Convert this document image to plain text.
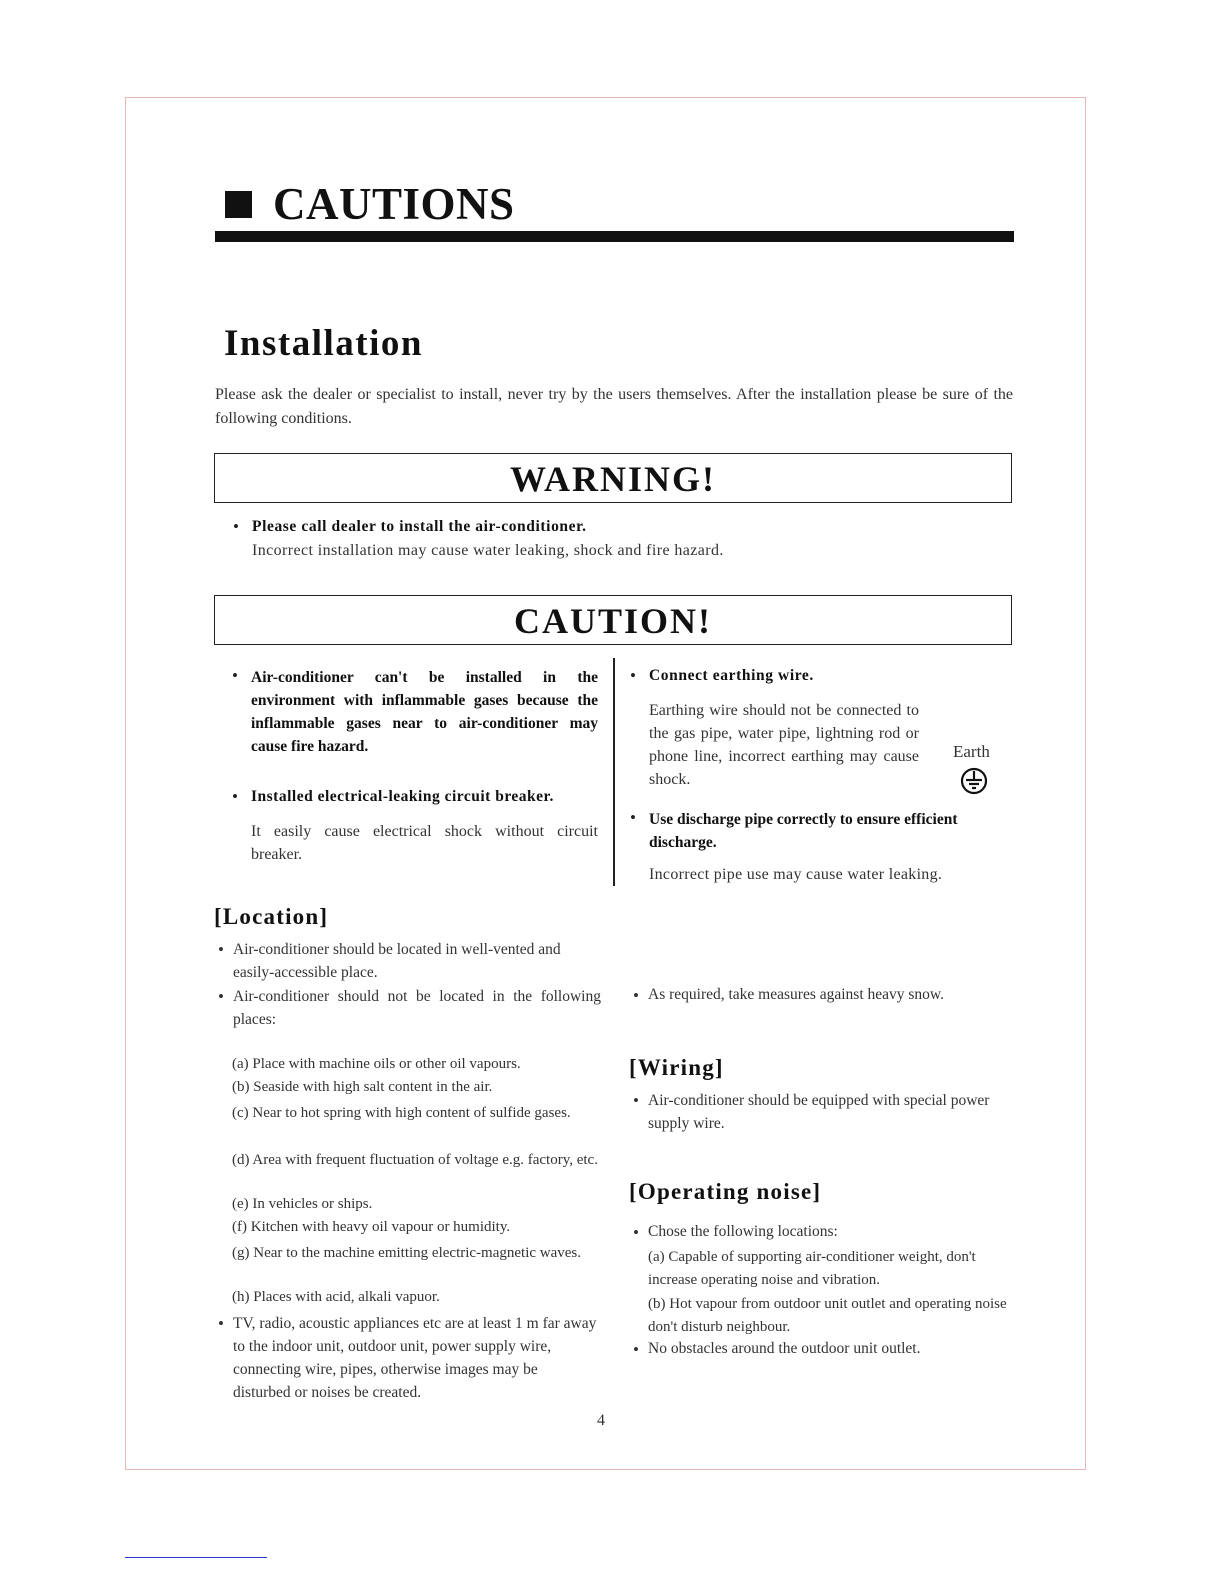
CAUTIONS
Installation
Please ask the dealer or specialist to install, never try by the users themselves. After the installation please be sure of the following conditions.
WARNING!
• Please call dealer to install the air-conditioner.
Incorrect installation may cause water leaking, shock and fire hazard.
CAUTION!
• Air-conditioner can't be installed in the environment with inflammable gases because the inflammable gases near to air-conditioner may cause fire hazard.
• Installed electrical-leaking circuit breaker.
It easily cause electrical shock without circuit breaker.
• Connect earthing wire.
Earthing wire should not be connected to the gas pipe, water pipe, lightning rod or phone line, incorrect earthing may cause shock.
Earth
• Use discharge pipe correctly to ensure efficient discharge.
Incorrect pipe use may cause water leaking.
[Location]
• Air-conditioner should be located in well-vented and easily-accessible place.
• Air-conditioner should not be located in the following places:
(a) Place with machine oils or other oil vapours.
(b) Seaside with high salt content in the air.
(c) Near to hot spring with high content of sulfide gases.
(d) Area with frequent fluctuation of voltage e.g. factory, etc.
(e) In vehicles or ships.
(f) Kitchen with heavy oil vapour or humidity.
(g) Near to the machine emitting electric-magnetic waves.
(h) Places with acid, alkali vapuor.
• TV, radio, acoustic appliances etc are at least 1 m far away to the indoor unit, outdoor unit, power supply wire, connecting wire, pipes, otherwise images may be disturbed or noises be created.
• As required, take measures against heavy snow.
[Wiring]
• Air-conditioner should be equipped with special power supply wire.
[Operating noise]
• Chose the following locations:
(a) Capable of supporting air-conditioner weight, don't increase operating noise and vibration.
(b) Hot vapour from outdoor unit outlet and operating noise don't disturb neighbour.
• No obstacles around the outdoor unit outlet.
4
